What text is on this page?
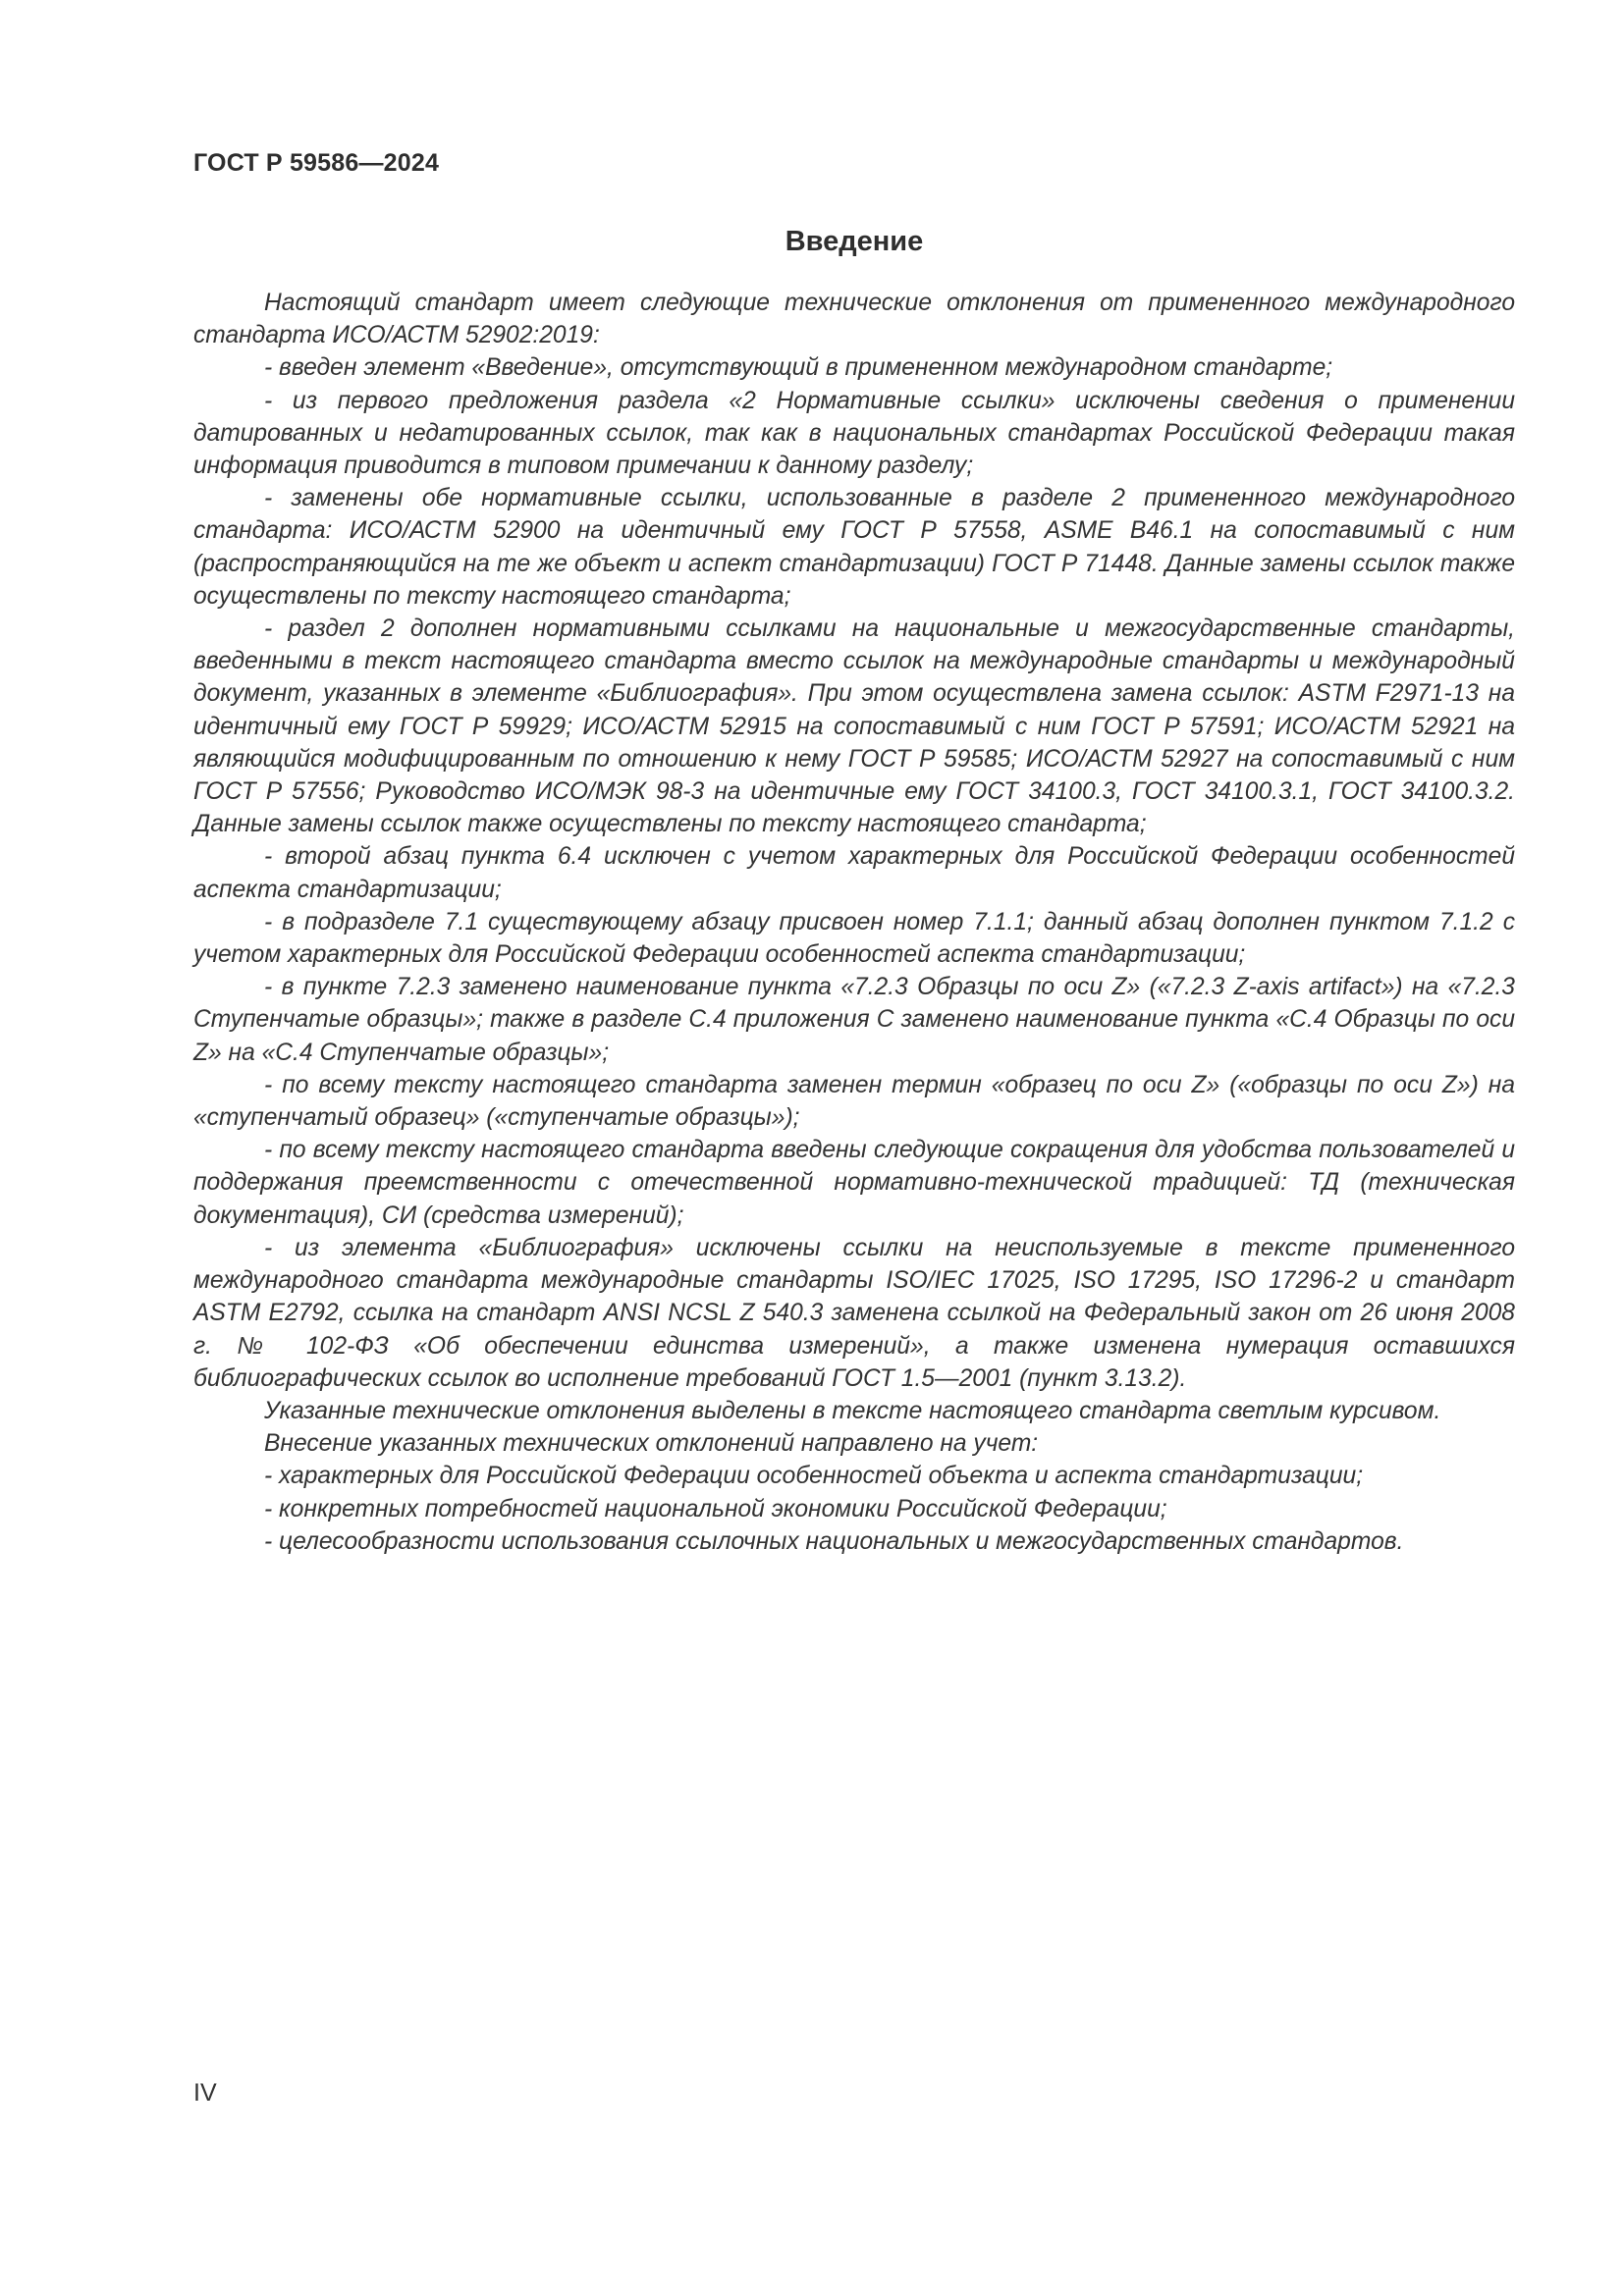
ГОСТ Р 59586—2024
Введение

Настоящий стандарт имеет следующие технические отклонения от примененного международного стандарта ИСО/АСТМ 52902:2019:

- введен элемент «Введение», отсутствующий в примененном международном стандарте;

- из первого предложения раздела «2 Нормативные ссылки» исключены сведения о применении датированных и недатированных ссылок, так как в национальных стандартах Российской Федерации такая информация приводится в типовом примечании к данному разделу;

- заменены обе нормативные ссылки, использованные в разделе 2 примененного международного стандарта: ИСО/АСТМ 52900 на идентичный ему ГОСТ Р 57558, ASME B46.1 на сопоставимый с ним (распространяющийся на те же объект и аспект стандартизации) ГОСТ Р 71448. Данные замены ссылок также осуществлены по тексту настоящего стандарта;

- раздел 2 дополнен нормативными ссылками на национальные и межгосударственные стандарты, введенными в текст настоящего стандарта вместо ссылок на международные стандарты и международный документ, указанных в элементе «Библиография». При этом осуществлена замена ссылок: ASTM F2971-13 на идентичный ему ГОСТ Р 59929; ИСО/АСТМ 52915 на сопоставимый с ним ГОСТ Р 57591; ИСО/АСТМ 52921 на являющийся модифицированным по отношению к нему ГОСТ Р 59585; ИСО/АСТМ 52927 на сопоставимый с ним ГОСТ Р 57556; Руководство ИСО/МЭК 98-3 на идентичные ему ГОСТ 34100.3, ГОСТ 34100.3.1, ГОСТ 34100.3.2. Данные замены ссылок также осуществлены по тексту настоящего стандарта;

- второй абзац пункта 6.4 исключен с учетом характерных для Российской Федерации особенностей аспекта стандартизации;

- в подразделе 7.1 существующему абзацу присвоен номер 7.1.1; данный абзац дополнен пунктом 7.1.2 с учетом характерных для Российской Федерации особенностей аспекта стандартизации;

- в пункте 7.2.3 заменено наименование пункта «7.2.3 Образцы по оси Z» («7.2.3 Z-axis artifact») на «7.2.3 Ступенчатые образцы»; также в разделе С.4 приложения С заменено наименование пункта «С.4 Образцы по оси Z» на «С.4 Ступенчатые образцы»;

- по всему тексту настоящего стандарта заменен термин «образец по оси Z» («образцы по оси Z») на «ступенчатый образец» («ступенчатые образцы»);

- по всему тексту настоящего стандарта введены следующие сокращения для удобства пользователей и поддержания преемственности с отечественной нормативно-технической традицией: ТД (техническая документация), СИ (средства измерений);

- из элемента «Библиография» исключены ссылки на неиспользуемые в тексте примененного международного стандарта международные стандарты ISO/IEC 17025, ISO 17295, ISO 17296-2 и стандарт ASTM E2792, ссылка на стандарт ANSI NCSL Z 540.3 заменена ссылкой на Федеральный закон от 26 июня 2008 г. № 102-ФЗ «Об обеспечении единства измерений», а также изменена нумерация оставшихся библиографических ссылок во исполнение требований ГОСТ 1.5—2001 (пункт 3.13.2).

Указанные технические отклонения выделены в тексте настоящего стандарта светлым курсивом.

Внесение указанных технических отклонений направлено на учет:

- характерных для Российской Федерации особенностей объекта и аспекта стандартизации;

- конкретных потребностей национальной экономики Российской Федерации;

- целесообразности использования ссылочных национальных и межгосударственных стандартов.

IV
